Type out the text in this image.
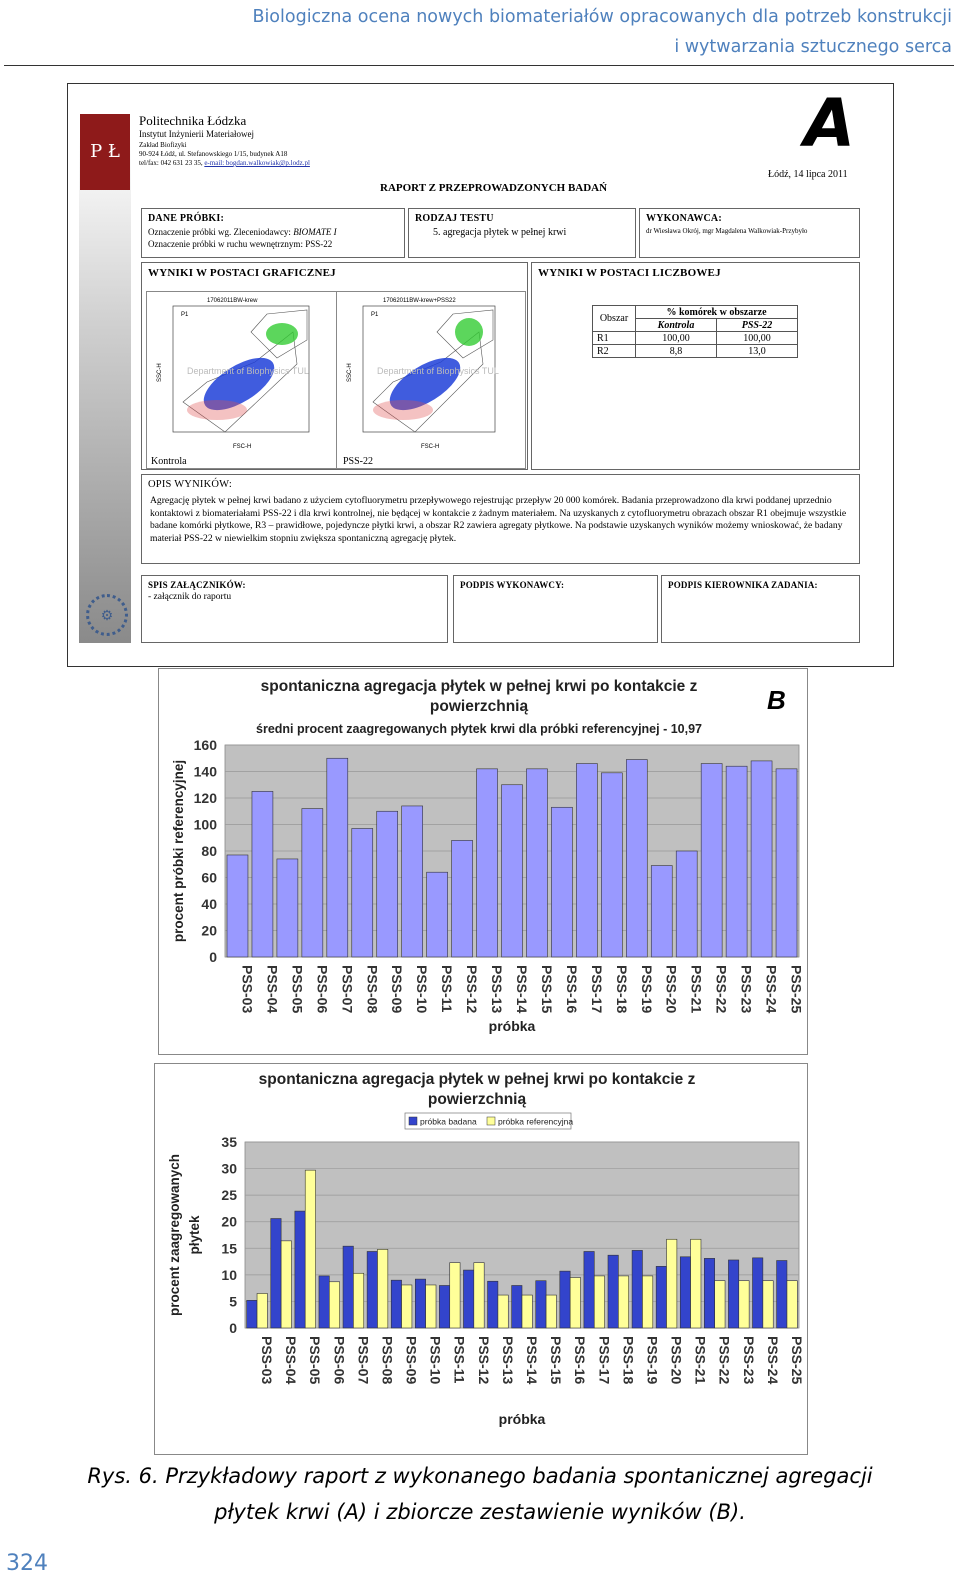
Biologiczna ocena nowych biomateriałów opracowanych dla potrzeb konstrukcji
i wytwarzania sztucznego serca
P Ł
⚙
Politechnika Łódzka
Instytut Inżynierii Materiałowej
Zakład Biofizyki
90-924 Łódź, ul. Stefanowskiego 1/15, budynek A18
tel/fax: 042 631 23 35, e-mail: bogdan.walkowiak@p.lodz.pl
A
Łódź, 14 lipca 2011
RAPORT Z PRZEPROWADZONYCH BADAŃ
DANE PRÓBKI:
Oznaczenie próbki wg. Zleceniodawcy: BIOMATE I
Oznaczenie próbki w ruchu wewnętrznym: PSS-22
RODZAJ TESTU
5. agregacja płytek w pełnej krwi
WYKONAWCA:
dr Wiesława Okrój, mgr Magdalena Walkowiak-Przybyło
WYNIKI W POSTACI GRAFICZNEJ
17062011BW-krew
P1
Department of Biophysics TUL
FSC-H
SSC-H
Kontrola
17062011BW-krew+PSS22
P1
Department of Biophysics TUL
FSC-H
SSC-H
PSS-22
WYNIKI W POSTACI LICZBOWEJ
Obszar	% komórek w obszarze	
	Kontrola	PSS-22
R1	100,00	100,00
R2	8,8	13,0
OPIS WYNIKÓW:
Agregację płytek w pełnej krwi badano z użyciem cytofluorymetru przepływowego rejestrując przepływ 20 000 komórek. Badania przeprowadzono dla krwi poddanej uprzednio kontaktowi z biomateriałami PSS-22 i dla krwi kontrolnej, nie będącej w kontakcie z żadnym materiałem. Na uzyskanych z cytofluorymetru obrazach obszar R1 obejmuje wszystkie badane komórki płytkowe, R3 – prawidłowe, pojedyncze płytki krwi, a obszar R2 zawiera agregaty płytkowe. Na podstawie uzyskanych wyników możemy wnioskować, że badany materiał PSS-22 w niewielkim stopniu zwiększa spontaniczną agregację płytek.
SPIS ZAŁĄCZNIKÓW:
- załącznik do raportu
PODPIS WYKONAWCY:	PODPIS KIEROWNIKA ZADANIA:
spontaniczna agregacja płytek w pełnej krwi po kontakcie z
powierzchnią	B
średni procent zaagregowanych płytek krwi dla próbki referencyjnej - 10,97
0
20
40
60
80
100
120
140
160
PSS-03 PSS-04 PSS-05 PSS-06 PSS-07 PSS-08 PSS-09 PSS-10 PSS-11 PSS-12 PSS-13 PSS-14 PSS-15 PSS-16 PSS-17 PSS-18 PSS-19 PSS-20 PSS-21 PSS-22 PSS-23 PSS-24 PSS-25
próbka
procent próbki referencyjnej
spontaniczna agregacja płytek w pełnej krwi po kontakcie z
powierzchnią
0
5
10
15
20
25
30
35
PSS-03 PSS-04 PSS-05 PSS-06 PSS-07 PSS-08 PSS-09 PSS-10 PSS-11 PSS-12 PSS-13 PSS-14 PSS-15 PSS-16 PSS-17 PSS-18 PSS-19 PSS-20 PSS-21 PSS-22 PSS-23 PSS-24 PSS-25
próbka
procent zaagregowanych płytek
próbka badana	próbka referencyjna
Rys. 6. Przykładowy raport z wykonanego badania spontanicznej agregacji
płytek krwi (A) i zbiorcze zestawienie wyników (B).
324
